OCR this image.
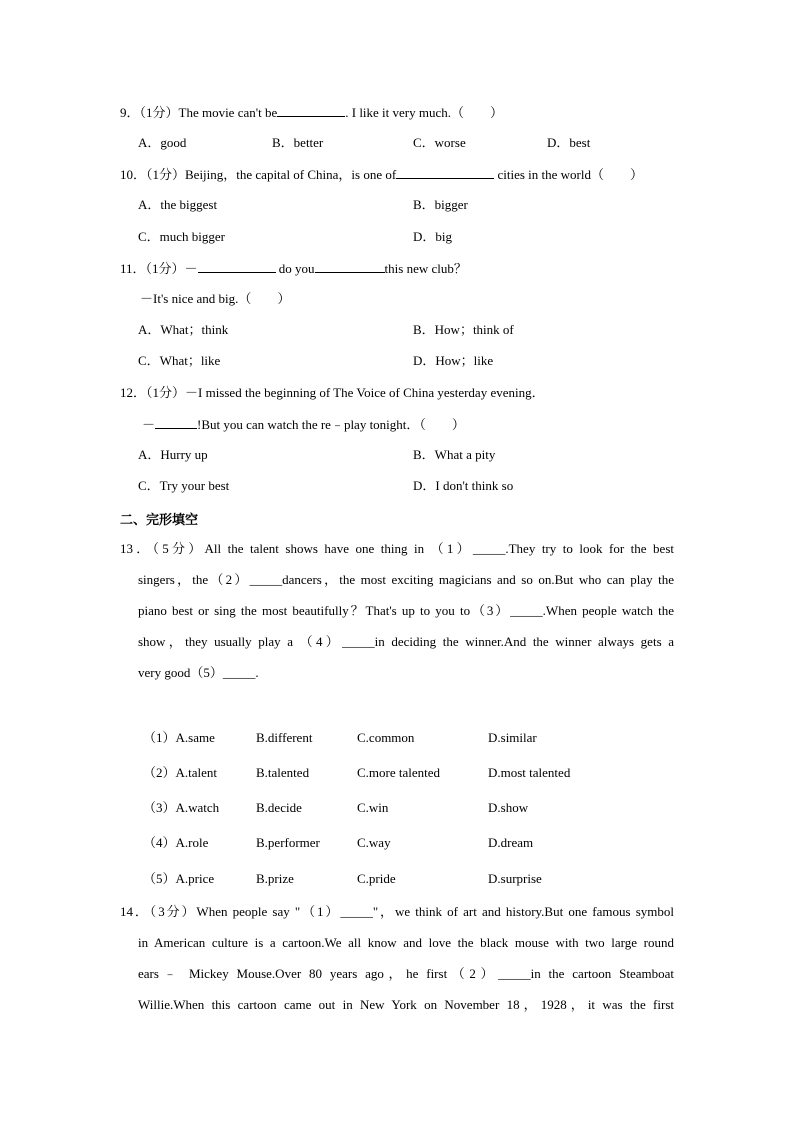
9．（1分）The movie can't be	. I like it very much.（　　）
A．good	B．better	C．worse	D．best
10．（1分）Beijing，the capital of China，is one of	cities in the world（　　）
A．the biggest	B．bigger
C．much bigger	D．big
11．（1分）－	do you	this new club？
－It's nice and big.（　　）
A．What；think	B．How；think of
C．What；like	D．How；like
12．（1分）－I missed the beginning of The Voice of China yesterday evening．
－	!But you can watch the re﹣play tonight．（　　）
A．Hurry up	B．What a pity
C．Try your best	D．I don't think so
二、完形填空
13．（5分）All the talent shows have one thing in （1）_____.They try to look for the best
singers，the（2）_____dancers，the most exciting magicians and so on.But who can play the
piano best or sing the most beautifully？That's up to you to（3）_____.When people watch the
show，they usually play a （4）_____in deciding the winner.And the winner always gets a
very good（5）_____.
（1）A.same	B.different	C.common	D.similar
（2）A.talent	B.talented	C.more talented	D.most talented
（3）A.watch	B.decide	C.win	D.show
（4）A.role	B.performer	C.way	D.dream
（5）A.price	B.prize	C.pride	D.surprise
14．（3分）When people say "（1）_____"，we think of art and history.But one famous symbol
in American culture is a cartoon.We all know and love the black mouse with two large round
ears﹣ Mickey Mouse.Over 80 years ago，he first（2）_____in the cartoon Steamboat
Willie.When this cartoon came out in New York on November 18，1928，it was the first
